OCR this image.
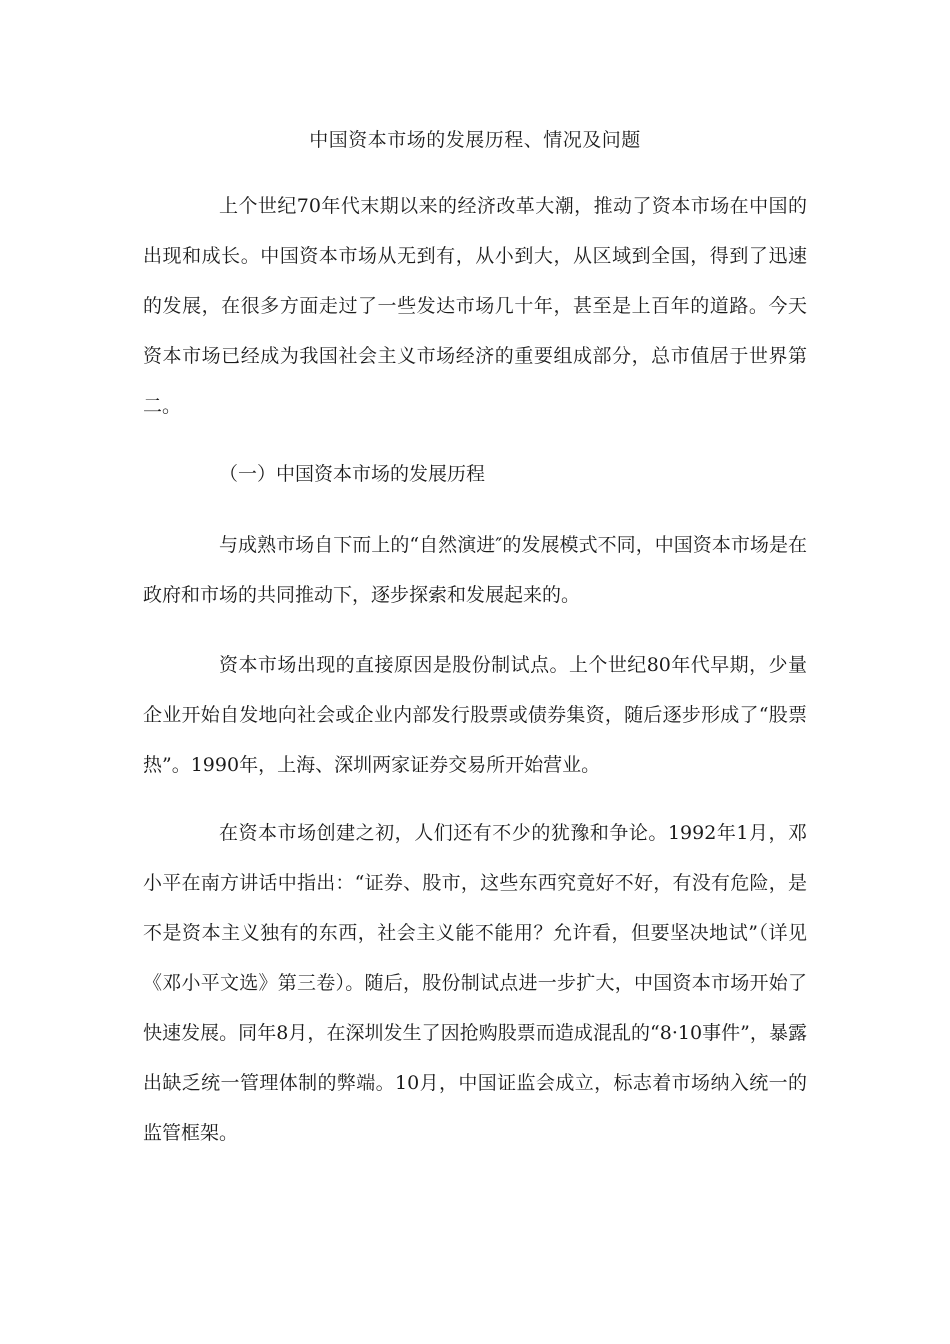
中国资本市场的发展历程、情况及问题

上个世纪70年代末期以来的经济改革大潮，推动了资本市场在中国的出现和成长。中国资本市场从无到有，从小到大，从区域到全国，得到了迅速的发展，在很多方面走过了一些发达市场几十年，甚至是上百年的道路。今天资本市场已经成为我国社会主义市场经济的重要组成部分，总市值居于世界第二。

（一）中国资本市场的发展历程

与成熟市场自下而上的“自然演进″的发展模式不同，中国资本市场是在政府和市场的共同推动下，逐步探索和发展起来的。

资本市场出现的直接原因是股份制试点。上个世纪80年代早期，少量企业开始自发地向社会或企业内部发行股票或债券集资，随后逐步形成了“股票热”。1990年，上海、深圳两家证券交易所开始营业。

在资本市场创建之初，人们还有不少的犹豫和争论。1992年1月，邓小平在南方讲话中指出：“证券、股市，这些东西究竟好不好，有没有危险，是不是资本主义独有的东西，社会主义能不能用？允许看，但要坚决地试”（详见《邓小平文选》第三卷）。随后，股份制试点进一步扩大，中国资本市场开始了快速发展。同年8月，在深圳发生了因抢购股票而造成混乱的“8·10事件”，暴露出缺乏统一管理体制的弊端。10月，中国证监会成立，标志着市场纳入统一的监管框架。
